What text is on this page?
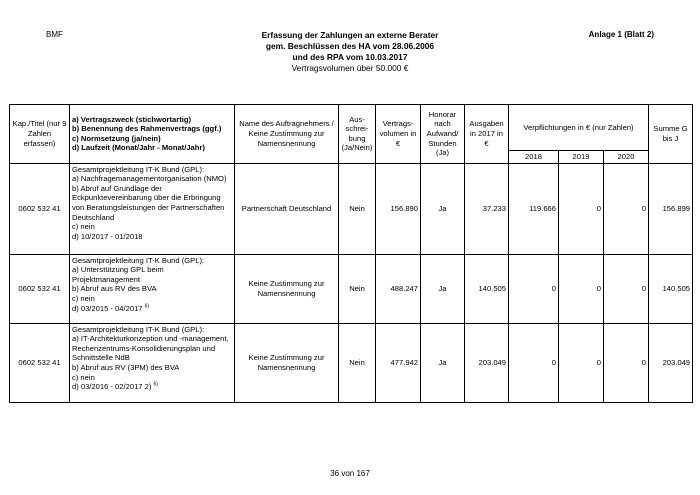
BMF	Erfassung der Zahlungen an externe Berater
gem. Beschlüssen des HA vom 28.06.2006
und des RPA vom 10.03.2017
Vertragsvolumen über 50.000 €
Anlage 1 (Blatt 2)
Kap./Titel (nur 9 Zahlen erfassen)	a) Vertragszweck (stichwortartig)
b) Benennung des Rahmenvertrags (ggf.)
c) Normsetzung (ja/nein)
d) Laufzeit (Monat/Jahr - Monat/Jahr)	Name des Auftragnehmers / Keine Zustimmung zur Namensnennung	Aus-schrei-bung (Ja/Nein)	Vertrags-volumen in €	Honorar nach Aufwand/ Stunden (Ja)	Ausgaben in 2017 in €	Verpflichtungen in € (nur Zahlen)			Summe G bis J
							2018	2019	2020	
0602 532 41	Gesamtprojektleitung IT-K Bund (GPL):
a) Nachfragemanagementorganisation (NMO)
b) Abruf auf Grundlage der Eckpunktevereinbarung über die Erbringung von Beratungsleistungen der Partnerschaften Deutschland
c) nein
d) 10/2017 - 01/2018	Partnerschaft Deutschland	Nein	156.890	Ja	37.233	119.666	0	0	156.899
0602 532 41	Gesamtprojektleitung IT-K Bund (GPL):
a) Unterstützung GPL beim Projektmanagement
b) Abruf aus RV des BVA
c) nein
d) 03/2015 - 04/2017 $^{6)}$	Keine Zustimmung zur Namensnennung	Nein	488.247	Ja	140.505	0	0	0	140.505
0602 532 41	Gesamtprojektleitung IT-K Bund (GPL):
a) IT-Architekturkonzeption und -management, Rechenzentrums-Konsolidierungsplan und Schnittstelle NdB
b) Abruf aus RV (3PM) des BVA
c) nein
d) 03/2016 - 02/2017 2) $^{6)}$	Keine Zustimmung zur Namensnennung	Nein	477.942	Ja	203.049	0	0	0	203.049
36 von 167
